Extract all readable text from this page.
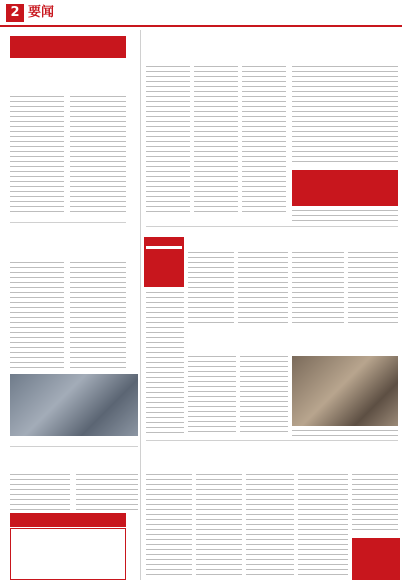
2 要闻
